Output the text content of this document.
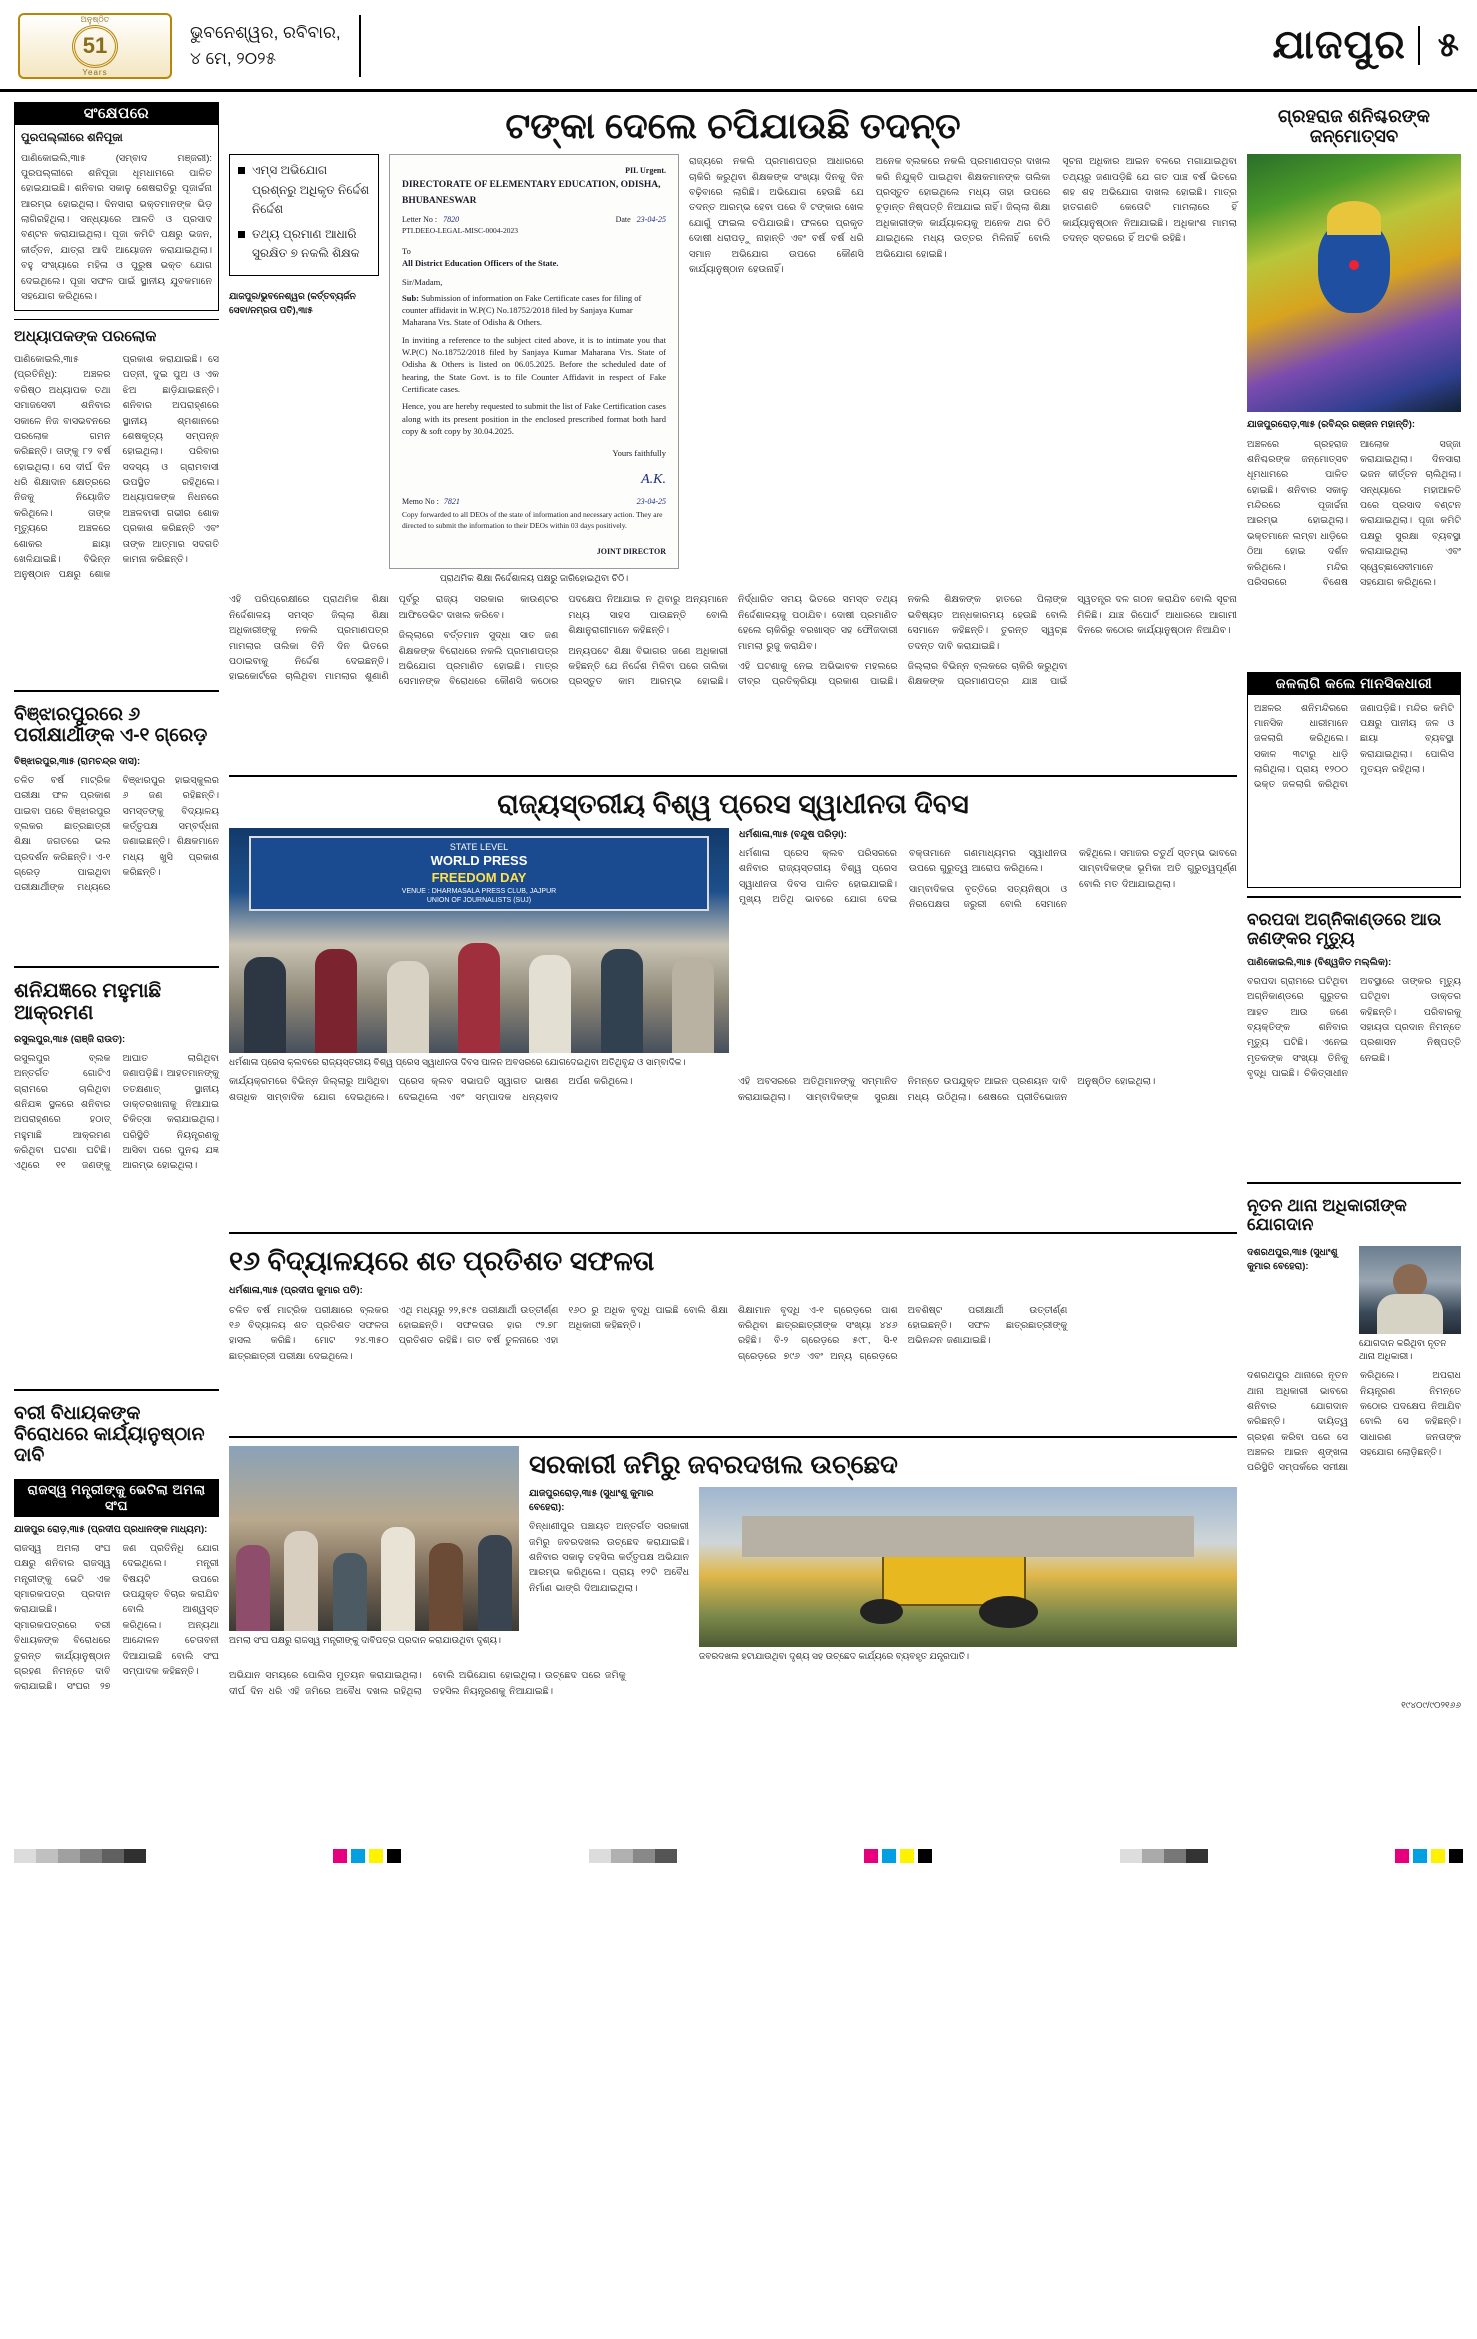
ଅନୁଷ୍ଠିତ
51
Years
ଭୁବନେଶ୍ୱର, ରବିବାର,
୪ ମେ, ୨୦୨୫	ଯାଜପୁର ୫
ସଂକ୍ଷେପରେ
ପୁରପଲ୍ଲୀରେ ଶନିପୂଜା
ପାଣିକୋଇଲି,୩ା୫ (ସମ୍ବାଦ ମଞ୍ଜରୀ): ପୁରପଲ୍ଲୀରେ ଶନିପୂଜା ଧୂମଧାମରେ ପାଳିତ ହୋଇଯାଇଛି। ଶନିବାର ସକାଳୁ ଶେଷରାତିରୁ ପୂଜାର୍ଚ୍ଚନା ଆରମ୍ଭ ହୋଇଥିଲା। ଦିନସାରା ଭକ୍ତମାନଙ୍କ ଭିଡ଼ ଲାଗିରହିଥିଲା। ସନ୍ଧ୍ୟାରେ ଆଳତି ଓ ପ୍ରସାଦ ବଣ୍ଟନ କରାଯାଇଥିଲା। ପୂଜା କମିଟି ପକ୍ଷରୁ ଭଜନ, କୀର୍ତ୍ତନ, ଯାତ୍ରା ଆଦି ଆୟୋଜନ କରାଯାଇଥିଲା। ବହୁ ସଂଖ୍ୟାରେ ମହିଳା ଓ ପୁରୁଷ ଭକ୍ତ ଯୋଗ ଦେଇଥିଲେ। ପୂଜା ସଫଳ ପାଇଁ ସ୍ଥାନୀୟ ଯୁବକମାନେ ସହଯୋଗ କରିଥିଲେ।
ଅଧ୍ୟାପକଙ୍କ ପରଲୋକ
ପାଣିକୋଇଲି,୩ା୫ (ପ୍ରତିନିଧି): ଅଞ୍ଚଳର ବରିଷ୍ଠ ଅଧ୍ୟାପକ ତଥା ସମାଜସେବୀ ଶନିବାର ସକାଳେ ନିଜ ବାସଭବନରେ ପରଲୋକ ଗମନ କରିଛନ୍ତି। ତାଙ୍କୁ ୮୨ ବର୍ଷ ହୋଇଥିଲା। ସେ ଦୀର୍ଘ ଦିନ ଧରି ଶିକ୍ଷାଦାନ କ୍ଷେତ୍ରରେ ନିଜକୁ ନିୟୋଜିତ କରିଥିଲେ। ତାଙ୍କ ମୃତ୍ୟୁରେ ଅଞ୍ଚଳରେ ଶୋକର ଛାୟା ଖେଳିଯାଇଛି। ବିଭିନ୍ନ ଅନୁଷ୍ଠାନ ପକ୍ଷରୁ ଶୋକ ପ୍ରକାଶ କରାଯାଇଛି। ସେ ପତ୍ନୀ, ଦୁଇ ପୁଅ ଓ ଏକ ଝିଅ ଛାଡ଼ିଯାଇଛନ୍ତି। ଶନିବାର ଅପରାହ୍ଣରେ ସ୍ଥାନୀୟ ଶ୍ମଶାନରେ ଶେଷକୃତ୍ୟ ସମ୍ପନ୍ନ ହୋଇଥିଲା। ପରିବାର ସଦସ୍ୟ ଓ ଗ୍ରାମବାସୀ ଉପସ୍ଥିତ ରହିଥିଲେ। ଅଧ୍ୟାପକଙ୍କ ନିଧନରେ ଅଞ୍ଚଳବାସୀ ଗଭୀର ଶୋକ ପ୍ରକାଶ କରିଛନ୍ତି ଏବଂ ତାଙ୍କ ଆତ୍ମାର ସଦଗତି କାମନା କରିଛନ୍ତି।
ବିଞ୍ଝାରପୁରରେ ୬ ପରୀକ୍ଷାର୍ଥୀଙ୍କ ଏ-୧ ଗ୍ରେଡ଼
ବିଞ୍ଝାରପୁର,୩ା୫ (ରାମଚନ୍ଦ୍ର ଦାସ):
ଚଳିତ ବର୍ଷ ମାଟ୍ରିକ ପରୀକ୍ଷା ଫଳ ପ୍ରକାଶ ପାଇବା ପରେ ବିଞ୍ଝାରପୁର ବ୍ଲକର ଛାତ୍ରଛାତ୍ରୀ ଶିକ୍ଷା ଜଗତରେ ଭଲ ପ୍ରଦର୍ଶନ କରିଛନ୍ତି। ଏ-୧ ଗ୍ରେଡ଼ ପାଇଥିବା ପରୀକ୍ଷାର୍ଥୀଙ୍କ ମଧ୍ୟରେ ବିଞ୍ଝାରପୁର ହାଇସ୍କୁଲର ୬ ଜଣ ରହିଛନ୍ତି। ସମସ୍ତଙ୍କୁ ବିଦ୍ୟାଳୟ କର୍ତ୍ତୃପକ୍ଷ ସମ୍ବର୍ଦ୍ଧନା ଜଣାଇଛନ୍ତି। ଶିକ୍ଷକମାନେ ମଧ୍ୟ ଖୁସି ପ୍ରକାଶ କରିଛନ୍ତି।
ଶନିଯଜ୍ଞରେ ମହୁମାଛି ଆକ୍ରମଣ
ରସୁଲପୁର,୩ା୫ (ରାଞ୍ଜି ରାଉତ):
ରସୁଲପୁର ବ୍ଲକ ଅନ୍ତର୍ଗତ ଗୋଟିଏ ଗ୍ରାମରେ ଚାଲିଥିବା ଶନିଯଜ୍ଞ ସ୍ଥଳରେ ଶନିବାର ଅପରାହ୍ଣରେ ହଠାତ୍‌ ମହୁମାଛି ଆକ୍ରମଣ କରିଥିବା ଘଟଣା ଘଟିଛି। ଏଥିରେ ୧୧ ଜଣଙ୍କୁ ଆଘାତ ଲାଗିଥିବା ଜଣାପଡ଼ିଛି। ଆହତମାନଙ୍କୁ ତତକ୍ଷଣାତ୍‌ ସ୍ଥାନୀୟ ଡାକ୍ତରଖାନାକୁ ନିଆଯାଇ ଚିକିତ୍ସା କରାଯାଇଥିଲା। ପରିସ୍ଥିତି ନିୟନ୍ତ୍ରଣକୁ ଆସିବା ପରେ ପୁନଶ୍ଚ ଯଜ୍ଞ ଆରମ୍ଭ ହୋଇଥିଲା।
ବରୀ ବିଧାୟକଙ୍କ ବିରୋଧରେ କାର୍ଯ୍ୟାନୁଷ୍ଠାନ ଦାବି
ରାଜସ୍ୱ ମନ୍ତ୍ରୀଙ୍କୁ ଭେଟିଲା ଅମଲା ସଂଘ
ଯାଜପୁର ରୋଡ଼,୩ା୫ (ପ୍ରଦୀପ ପ୍ରଧାନଙ୍କ ମାଧ୍ୟମ):
ରାଜସ୍ୱ ଅମଲା ସଂଘ ପକ୍ଷରୁ ଶନିବାର ରାଜସ୍ୱ ମନ୍ତ୍ରୀଙ୍କୁ ଭେଟି ଏକ ସ୍ମାରକପତ୍ର ପ୍ରଦାନ କରାଯାଇଛି। ସ୍ମାରକପତ୍ରରେ ବରୀ ବିଧାୟକଙ୍କ ବିରୋଧରେ ତୁରନ୍ତ କାର୍ଯ୍ୟାନୁଷ୍ଠାନ ଗ୍ରହଣ ନିମନ୍ତେ ଦାବି କରାଯାଇଛି। ସଂଘର ୨୭ ଜଣ ପ୍ରତିନିଧି ଯୋଗ ଦେଇଥିଲେ। ମନ୍ତ୍ରୀ ବିଷୟଟି ଉପରେ ଉପଯୁକ୍ତ ବିଚାର କରାଯିବ ବୋଲି ଆଶ୍ୱସ୍ତ କରିଥିଲେ। ଅନ୍ୟଥା ଆନ୍ଦୋଳନ ଚେତାବନୀ ଦିଆଯାଇଛି ବୋଲି ସଂଘ ସମ୍ପାଦକ କହିଛନ୍ତି।
ଟଙ୍କା ଦେଲେ ଚପିଯାଉଛି ତଦନ୍ତ
ଏମ୍‌ସ ଅଭିଯୋଗ ପ୍ରଶ୍ନରୁ ଅଧିକୃତ ନିର୍ଦ୍ଦେଶ ନିର୍ଦ୍ଦେଶ
ତଥ୍ୟ ପ୍ରମାଣ ଆଧାରି ସୁରକ୍ଷିତ ୭ ନକଲି ଶିକ୍ଷକ
ଯାଜପୁର/ଭୁବନେଶ୍ୱର (କର୍ତ୍ତବ୍ୟର୍ଜନ ସେବା/ନମ୍ରତା ପତି),୩ା୫
PIL Urgent.
DIRECTORATE OF ELEMENTARY EDUCATION, ODISHA,
BHUBANESWAR
Letter No : 7820	Date 23-04-25
PTI.DEEO-LEGAL-MISC-0004-2023
To
All District Education Officers of the State.
Sir/Madam,
Sub: Submission of information on Fake Certificate cases for filing of counter affidavit in W.P(C) No.18752/2018 filed by Sanjaya Kumar Maharana Vrs. State of Odisha & Others.
In inviting a reference to the subject cited above, it is to intimate you that W.P(C) No.18752/2018 filed by Sanjaya Kumar Maharana Vrs. State of Odisha & Others is listed on 06.05.2025. Before the scheduled date of hearing, the State Govt. is to file Counter Affidavit in respect of Fake Certificate cases.
Hence, you are hereby requested to submit the list of Fake Certification cases along with its present position in the enclosed prescribed format both hard copy & soft copy by 30.04.2025.
Yours faithfully
A.K.
Memo No : 7821	23-04-25
Copy forwarded to all DEOs of the state of information and necessary action. They are directed to submit the information to their DEOs within 03 days positively.
JOINT DIRECTOR
ପ୍ରାଥମିକ ଶିକ୍ଷା ନିର୍ଦ୍ଦେଶାଳୟ ପକ୍ଷରୁ ଜାରିହୋଇଥିବା ଚିଠି।

ରାଜ୍ୟରେ ନକଲି ପ୍ରମାଣପତ୍ର ଆଧାରରେ ଚାକିରି କରୁଥିବା ଶିକ୍ଷକଙ୍କ ସଂଖ୍ୟା ଦିନକୁ ଦିନ ବଢ଼ିବାରେ ଲାଗିଛି। ଅଭିଯୋଗ ହେଉଛି ଯେ ତଦନ୍ତ ଆରମ୍ଭ ହେବା ପରେ ବି ଟଙ୍କାର ଖେଳ ଯୋଗୁଁ ଫାଇଲ ଚପିଯାଉଛି। ଫଳରେ ପ୍ରକୃତ ଦୋଷୀ ଧରାପଡ଼ୁ ନାହାନ୍ତି ଏବଂ ବର୍ଷ ବର୍ଷ ଧରି ସମାନ ଅଭିଯୋଗ ଉପରେ କୌଣସି କାର୍ଯ୍ୟାନୁଷ୍ଠାନ ହେଉନାହିଁ।

ଅନେକ ବ୍ଲକରେ ନକଲି ପ୍ରମାଣପତ୍ର ଦାଖଲ କରି ନିଯୁକ୍ତି ପାଇଥିବା ଶିକ୍ଷକମାନଙ୍କ ତାଲିକା ପ୍ରସ୍ତୁତ ହୋଇଥିଲେ ମଧ୍ୟ ତାହା ଉପରେ ଚୂଡ଼ାନ୍ତ ନିଷ୍ପତ୍ତି ନିଆଯାଇ ନାହିଁ। ଜିଲ୍ଲା ଶିକ୍ଷା ଅଧିକାରୀଙ୍କ କାର୍ଯ୍ୟାଳୟକୁ ଅନେକ ଥର ଚିଠି ଯାଇଥିଲେ ମଧ୍ୟ ଉତ୍ତର ମିଳିନାହିଁ ବୋଲି ଅଭିଯୋଗ ହୋଇଛି।

ସୂଚନା ଅଧିକାର ଆଇନ ବଳରେ ମଗାଯାଇଥିବା ତଥ୍ୟରୁ ଜଣାପଡ଼ିଛି ଯେ ଗତ ପାଞ୍ଚ ବର୍ଷ ଭିତରେ ଶହ ଶହ ଅଭିଯୋଗ ଦାଖଲ ହୋଇଛି। ମାତ୍ର ହାତଗଣତି କେତୋଟି ମାମଲାରେ ହିଁ କାର୍ଯ୍ୟାନୁଷ୍ଠାନ ନିଆଯାଇଛି। ଅଧିକାଂଶ ମାମଲା ତଦନ୍ତ ସ୍ତରରେ ହିଁ ଅଟକି ରହିଛି।

ଏହି ପରିପ୍ରେକ୍ଷୀରେ ପ୍ରାଥମିକ ଶିକ୍ଷା ନିର୍ଦ୍ଦେଶାଳୟ ସମସ୍ତ ଜିଲ୍ଲା ଶିକ୍ଷା ଅଧିକାରୀଙ୍କୁ ନକଲି ପ୍ରମାଣପତ୍ର ମାମଲାର ତାଲିକା ତିନି ଦିନ ଭିତରେ ପଠାଇବାକୁ ନିର୍ଦ୍ଦେଶ ଦେଇଛନ୍ତି। ହାଇକୋର୍ଟରେ ଚାଲିଥିବା ମାମଲାର ଶୁଣାଣି ପୂର୍ବରୁ ରାଜ୍ୟ ସରକାର କାଉଣ୍ଟର ଆଫିଡେଭିଟ ଦାଖଲ କରିବେ।

ଜିଲ୍ଲାରେ ବର୍ତ୍ତମାନ ସୁଦ୍ଧା ସାତ ଜଣ ଶିକ୍ଷକଙ୍କ ବିରୋଧରେ ନକଲି ପ୍ରମାଣପତ୍ର ଅଭିଯୋଗ ପ୍ରମାଣିତ ହୋଇଛି। ମାତ୍ର ସେମାନଙ୍କ ବିରୋଧରେ କୌଣସି କଠୋର ପଦକ୍ଷେପ ନିଆଯାଇ ନ ଥିବାରୁ ଅନ୍ୟମାନେ ମଧ୍ୟ ସାହସ ପାଉଛନ୍ତି ବୋଲି ଶିକ୍ଷାନୁରାଗୀମାନେ କହିଛନ୍ତି।

ଅନ୍ୟପଟେ ଶିକ୍ଷା ବିଭାଗର ଜଣେ ଅଧିକାରୀ କହିଛନ୍ତି ଯେ ନିର୍ଦ୍ଦେଶ ମିଳିବା ପରେ ତାଲିକା ପ୍ରସ୍ତୁତ କାମ ଆରମ୍ଭ ହୋଇଛି। ନିର୍ଦ୍ଧାରିତ ସମୟ ଭିତରେ ସମସ୍ତ ତଥ୍ୟ ନିର୍ଦ୍ଦେଶାଳୟକୁ ପଠାଯିବ। ଦୋଷୀ ପ୍ରମାଣିତ ହେଲେ ଚାକିରିରୁ ବରଖାସ୍ତ ସହ ଫୌଜଦାରୀ ମାମଲା ରୁଜୁ କରାଯିବ।

ଏହି ଘଟଣାକୁ ନେଇ ଅଭିଭାବକ ମହଲରେ ତୀବ୍ର ପ୍ରତିକ୍ରିୟା ପ୍ରକାଶ ପାଇଛି। ନକଲି ଶିକ୍ଷକଙ୍କ ହାତରେ ପିଲାଙ୍କ ଭବିଷ୍ୟତ ଅନ୍ଧକାରମୟ ହେଉଛି ବୋଲି ସେମାନେ କହିଛନ୍ତି। ତୁରନ୍ତ ସ୍ୱଚ୍ଛ ତଦନ୍ତ ଦାବି କରାଯାଇଛି।

ଜିଲ୍ଲାର ବିଭିନ୍ନ ବ୍ଲକରେ ଚାକିରି କରୁଥିବା ଶିକ୍ଷକଙ୍କ ପ୍ରମାଣପତ୍ର ଯାଞ୍ଚ ପାଇଁ ସ୍ୱତନ୍ତ୍ର ଦଳ ଗଠନ କରାଯିବ ବୋଲି ସୂଚନା ମିଳିଛି। ଯାଞ୍ଚ ରିପୋର୍ଟ ଆଧାରରେ ଆଗାମୀ ଦିନରେ କଠୋର କାର୍ଯ୍ୟାନୁଷ୍ଠାନ ନିଆଯିବ।

ରାଜ୍ୟସ୍ତରୀୟ ବିଶ୍ୱ ପ୍ରେସ ସ୍ୱାଧୀନତା ଦିବସ
STATE LEVEL
WORLD PRESS
FREEDOM DAY
VENUE : DHARMASALA PRESS CLUB, JAJPUR
UNION OF JOURNALISTS (SUJ)
ଧର୍ମଶାଳା ପ୍ରେସ କ୍ଲବରେ ରାଜ୍ୟସ୍ତରୀୟ ବିଶ୍ୱ ପ୍ରେସ ସ୍ୱାଧୀନତା ଦିବସ ପାଳନ ଅବସରରେ ଯୋଗଦେଇଥିବା ଅତିଥିବୃନ୍ଦ ଓ ସାମ୍ବାଦିକ।
ଧର୍ମଶାଳା,୩ା୫ (ବନ୍ଦୁଷ ପରିଡ଼ା):

ଧର୍ମଶାଳା ପ୍ରେସ କ୍ଲବ ପରିସରରେ ଶନିବାର ରାଜ୍ୟସ୍ତରୀୟ ବିଶ୍ୱ ପ୍ରେସ ସ୍ୱାଧୀନତା ଦିବସ ପାଳିତ ହୋଇଯାଇଛି। ମୁଖ୍ୟ ଅତିଥି ଭାବରେ ଯୋଗ ଦେଇ ବକ୍ତାମାନେ ଗଣମାଧ୍ୟମର ସ୍ୱାଧୀନତା ଉପରେ ଗୁରୁତ୍ୱ ଆରୋପ କରିଥିଲେ।

ସାମ୍ବାଦିକତା ବୃତ୍ତିରେ ସତ୍ୟନିଷ୍ଠା ଓ ନିରପେକ୍ଷତା ଜରୁରୀ ବୋଲି ସେମାନେ କହିଥିଲେ। ସମାଜର ଚତୁର୍ଥ ସ୍ତମ୍ଭ ଭାବରେ ସାମ୍ବାଦିକଙ୍କ ଭୂମିକା ଅତି ଗୁରୁତ୍ୱପୂର୍ଣ୍ଣ ବୋଲି ମତ ଦିଆଯାଇଥିଲା।

କାର୍ଯ୍ୟକ୍ରମରେ ବିଭିନ୍ନ ଜିଲ୍ଲାରୁ ଆସିଥିବା ଶତାଧିକ ସାମ୍ବାଦିକ ଯୋଗ ଦେଇଥିଲେ। ପ୍ରେସ କ୍ଲବ ସଭାପତି ସ୍ୱାଗତ ଭାଷଣ ଦେଇଥିଲେ ଏବଂ ସମ୍ପାଦକ ଧନ୍ୟବାଦ ଅର୍ପଣ କରିଥିଲେ।	ଏହି ଅବସରରେ ଅତିଥିମାନଙ୍କୁ ସମ୍ମାନିତ କରାଯାଇଥିଲା। ସାମ୍ବାଦିକଙ୍କ ସୁରକ୍ଷା ନିମନ୍ତେ ଉପଯୁକ୍ତ ଆଇନ ପ୍ରଣୟନ ଦାବି ମଧ୍ୟ ଉଠିଥିଲା। ଶେଷରେ ପ୍ରୀତିଭୋଜନ ଅନୁଷ୍ଠିତ ହୋଇଥିଲା।

୧୬ ବିଦ୍ୟାଳୟରେ ଶତ ପ୍ରତିଶତ ସଫଳତା
ଧର୍ମଶାଳା,୩ା୫ (ପ୍ରଦୀପ କୁମାର ପତି):

ଚଳିତ ବର୍ଷ ମାଟ୍ରିକ ପରୀକ୍ଷାରେ ବ୍ଲକର ୧୬ ବିଦ୍ୟାଳୟ ଶତ ପ୍ରତିଶତ ସଫଳତା ହାସଲ କରିଛି। ମୋଟ ୨୪.୩୫୦ ଛାତ୍ରଛାତ୍ରୀ ପରୀକ୍ଷା ଦେଇଥିଲେ।

ଏଥି ମଧ୍ୟରୁ ୨୨,୫୯୫ ପରୀକ୍ଷାର୍ଥୀ ଉତ୍ତୀର୍ଣ୍ଣ ହୋଇଛନ୍ତି। ସଫଳତାର ହାର ୯୨.୭୮ ପ୍ରତିଶତ ରହିଛି। ଗତ ବର୍ଷ ତୁଳନାରେ ଏହା ୧୬୦ ରୁ ଅଧିକ ବୃଦ୍ଧି ପାଇଛି ବୋଲି ଶିକ୍ଷା ଅଧିକାରୀ କହିଛନ୍ତି।

ଶିକ୍ଷାମାନ ବୃଦ୍ଧି ଏ-୧ ଗ୍ରେଡ଼ରେ ପାଶ କରିଥିବା ଛାତ୍ରଛାତ୍ରୀଙ୍କ ସଂଖ୍ୟା ୪୪୬ ରହିଛି। ବି-୨ ଗ୍ରେଡ଼ରେ ୫୯୮, ସି-୧ ଗ୍ରେଡ଼ରେ ୭୯୬ ଏବଂ ଅନ୍ୟ ଗ୍ରେଡ଼ରେ ଅବଶିଷ୍ଟ ପରୀକ୍ଷାର୍ଥୀ ଉତ୍ତୀର୍ଣ୍ଣ ହୋଇଛନ୍ତି। ସଫଳ ଛାତ୍ରଛାତ୍ରୀଙ୍କୁ ଅଭିନନ୍ଦନ ଜଣାଯାଇଛି।

ଅମଲା ସଂଘ ପକ୍ଷରୁ ରାଜସ୍ୱ ମନ୍ତ୍ରୀଙ୍କୁ ଦାବିପତ୍ର ପ୍ରଦାନ କରାଯାଉଥିବା ଦୃଶ୍ୟ।
ସରକାରୀ ଜମିରୁ ଜବରଦଖଲ ଉଚ୍ଛେଦ
ଯାଜପୁରରୋଡ଼,୩ା୫ (ସୁଧାଂଶୁ କୁମାର ବେହେରା):
ବିନ୍ଧାଣୀପୁର ପଞ୍ଚାୟତ ଅନ୍ତର୍ଗତ ସରକାରୀ ଜମିରୁ ଜବରଦଖଲ ଉଚ୍ଛେଦ କରାଯାଇଛି। ଶନିବାର ସକାଳୁ ତହସିଲ କର୍ତ୍ତୃପକ୍ଷ ଅଭିଯାନ ଆରମ୍ଭ କରିଥିଲେ। ପ୍ରାୟ ୧୨ଟି ଅବୈଧ ନିର୍ମାଣ ଭାଙ୍ଗି ଦିଆଯାଇଥିଲା।
ଜବରଦଖଲ ହଟାଯାଉଥିବା ଦୃଶ୍ୟ ସହ ଉଚ୍ଛେଦ କାର୍ଯ୍ୟରେ ବ୍ୟବହୃତ ଯନ୍ତ୍ରପାତି।

ଅଭିଯାନ ସମୟରେ ପୋଲିସ ମୁତୟନ କରାଯାଇଥିଲା। ଦୀର୍ଘ ଦିନ ଧରି ଏହି ଜମିରେ ଅବୈଧ ଦଖଲ ରହିଥିଲା ବୋଲି ଅଭିଯୋଗ ହୋଇଥିଲା। ଉଚ୍ଛେଦ ପରେ ଜମିକୁ ତହସିଲ ନିୟନ୍ତ୍ରଣକୁ ନିଆଯାଇଛି।

ଗ୍ରହରାଜ ଶନିଶ୍ଚରଙ୍କ ଜନ୍ମୋତ୍ସବ
ଯାଜପୁରରୋଡ଼,୩ା୫ (ରବିନ୍ଦ୍ର ରଞ୍ଜନ ମହାନ୍ତି):
ଅଞ୍ଚଳରେ ଗ୍ରହରାଜ ଶନିଶ୍ଚରଙ୍କ ଜନ୍ମୋତ୍ସବ ଧୂମଧାମରେ ପାଳିତ ହୋଇଛି। ଶନିବାର ସକାଳୁ ମନ୍ଦିରରେ ପୂଜାର୍ଚ୍ଚନା ଆରମ୍ଭ ହୋଇଥିଲା। ଭକ୍ତମାନେ ଲମ୍ବା ଧାଡ଼ିରେ ଠିଆ ହୋଇ ଦର୍ଶନ କରିଥିଲେ। ମନ୍ଦିର ପରିସରରେ ବିଶେଷ ଆଲୋକ ସଜ୍ଜା କରାଯାଇଥିଲା। ଦିନସାରା ଭଜନ କୀର୍ତ୍ତନ ଚାଲିଥିଲା। ସନ୍ଧ୍ୟାରେ ମହାଆଳତି ପରେ ପ୍ରସାଦ ବଣ୍ଟନ କରାଯାଇଥିଲା। ପୂଜା କମିଟି ପକ୍ଷରୁ ସୁରକ୍ଷା ବ୍ୟବସ୍ଥା କରାଯାଇଥିଲା ଏବଂ ସ୍ୱେଚ୍ଛାସେବୀମାନେ ସହଯୋଗ କରିଥିଲେ।
ଜଳଲାଗି କଲେ ମାନସିକଧାରୀ
ଅଞ୍ଚଳର ଶନିମନ୍ଦିରରେ ମାନସିକ ଧାରୀମାନେ ଜଳଲାଗି କରିଥିଲେ। ସକାଳ ୩ଟାରୁ ଧାଡ଼ି ଲାଗିଥିଲା। ପ୍ରାୟ ୧୨୦୦ ଭକ୍ତ ଜଳଲାଗି କରିଥିବା ଜଣାପଡ଼ିଛି। ମନ୍ଦିର କମିଟି ପକ୍ଷରୁ ପାନୀୟ ଜଳ ଓ ଛାୟା ବ୍ୟବସ୍ଥା କରାଯାଇଥିଲା। ପୋଲିସ ମୁତୟନ ରହିଥିଲା।
ବରପଦା ଅଗ୍ନିକାଣ୍ଡରେ ଆଉ ଜଣଙ୍କର ମୃତ୍ୟୁ
ପାଣିକୋଇଲି,୩ା୫ (ବିଶ୍ୱଜିତ ମଲ୍ଲିକ):
ବରପଦା ଗ୍ରାମରେ ଘଟିଥିବା ଅଗ୍ନିକାଣ୍ଡରେ ଗୁରୁତର ଆହତ ଆଉ ଜଣେ ବ୍ୟକ୍ତିଙ୍କ ଶନିବାର ମୃତ୍ୟୁ ଘଟିଛି। ଏନେଇ ମୃତକଙ୍କ ସଂଖ୍ୟା ତିନିକୁ ବୃଦ୍ଧି ପାଇଛି। ଚିକିତ୍ସାଧୀନ ଅବସ୍ଥାରେ ତାଙ୍କର ମୃତ୍ୟୁ ଘଟିଥିବା ଡାକ୍ତର କହିଛନ୍ତି। ପରିବାରକୁ ସହାୟତା ପ୍ରଦାନ ନିମନ୍ତେ ପ୍ରଶାସନ ନିଷ୍ପତ୍ତି ନେଇଛି।
ନୂତନ ଥାନା ଅଧିକାରୀଙ୍କ ଯୋଗଦାନ
ଦଶରଥପୁର,୩ା୫ (ସୁଧାଂଶୁ କୁମାର ବେହେରା):
ଯୋଗଦାନ କରିଥିବା ନୂତନ ଥାନା ଅଧିକାରୀ।
ଦଶରଥପୁର ଥାନାରେ ନୂତନ ଥାନା ଅଧିକାରୀ ଭାବରେ ଶନିବାର ଯୋଗଦାନ କରିଛନ୍ତି। ଦାୟିତ୍ୱ ଗ୍ରହଣ କରିବା ପରେ ସେ ଅଞ୍ଚଳର ଆଇନ ଶୃଙ୍ଖଳା ପରିସ୍ଥିତି ସମ୍ପର୍କରେ ସମୀକ୍ଷା କରିଥିଲେ। ଅପରାଧ ନିୟନ୍ତ୍ରଣ ନିମନ୍ତେ କଠୋର ପଦକ୍ଷେପ ନିଆଯିବ ବୋଲି ସେ କହିଛନ୍ତି। ସାଧାରଣ ଜନତାଙ୍କ ସହଯୋଗ ଲୋଡ଼ିଛନ୍ତି।
୧୯୪୦୯/୯୦୨୧୬୬
